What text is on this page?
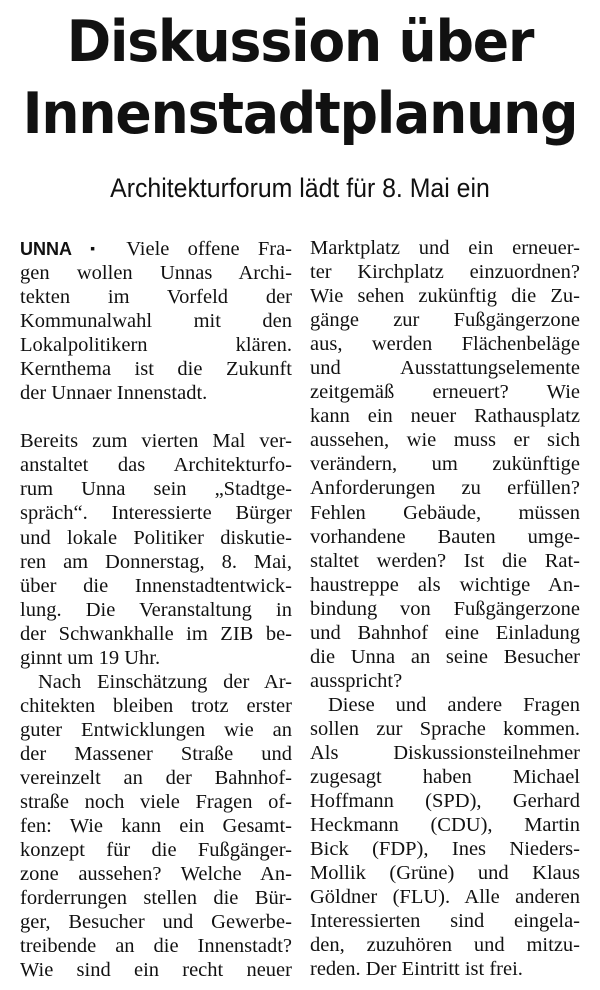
Diskussion über
Innenstadtplanung

Architekturforum lädt für 8. Mai ein

UNNA ▪ Viele offene Fra-
gen wollen Unnas Archi-
tekten im Vorfeld der
Kommunalwahl mit den
Lokalpolitikern klären.
Kernthema ist die Zukunft
der Unnaer Innenstadt.

Bereits zum vierten Mal ver-
anstaltet das Architekturfo-
rum Unna sein „Stadtge-
spräch“. Interessierte Bürger
und lokale Politiker diskutie-
ren am Donnerstag, 8. Mai,
über die Innenstadtentwick-
lung. Die Veranstaltung in
der Schwankhalle im ZIB be-
ginnt um 19 Uhr.

Nach Einschätzung der Ar-
chitekten bleiben trotz erster
guter Entwicklungen wie an
der Massener Straße und
vereinzelt an der Bahnhof-
straße noch viele Fragen of-
fen: Wie kann ein Gesamt-
konzept für die Fußgänger-
zone aussehen? Welche An-
forderrungen stellen die Bür-
ger, Besucher und Gewerbe-
treibende an die Innenstadt?
Wie sind ein recht neuer

Marktplatz und ein erneuer-
ter Kirchplatz einzuordnen?
Wie sehen zukünftig die Zu-
gänge zur Fußgängerzone
aus, werden Flächenbeläge
und Ausstattungselemente
zeitgemäß erneuert? Wie
kann ein neuer Rathausplatz
aussehen, wie muss er sich
verändern, um zukünftige
Anforderungen zu erfüllen?
Fehlen Gebäude, müssen
vorhandene Bauten umge-
staltet werden? Ist die Rat-
haustreppe als wichtige An-
bindung von Fußgängerzone
und Bahnhof eine Einladung
die Unna an seine Besucher
ausspricht?

Diese und andere Fragen
sollen zur Sprache kommen.
Als Diskussionsteilnehmer
zugesagt haben Michael
Hoffmann (SPD), Gerhard
Heckmann (CDU), Martin
Bick (FDP), Ines Nieders-
Mollik (Grüne) und Klaus
Göldner (FLU). Alle anderen
Interessierten sind eingela-
den, zuzuhören und mitzu-
reden. Der Eintritt ist frei.
